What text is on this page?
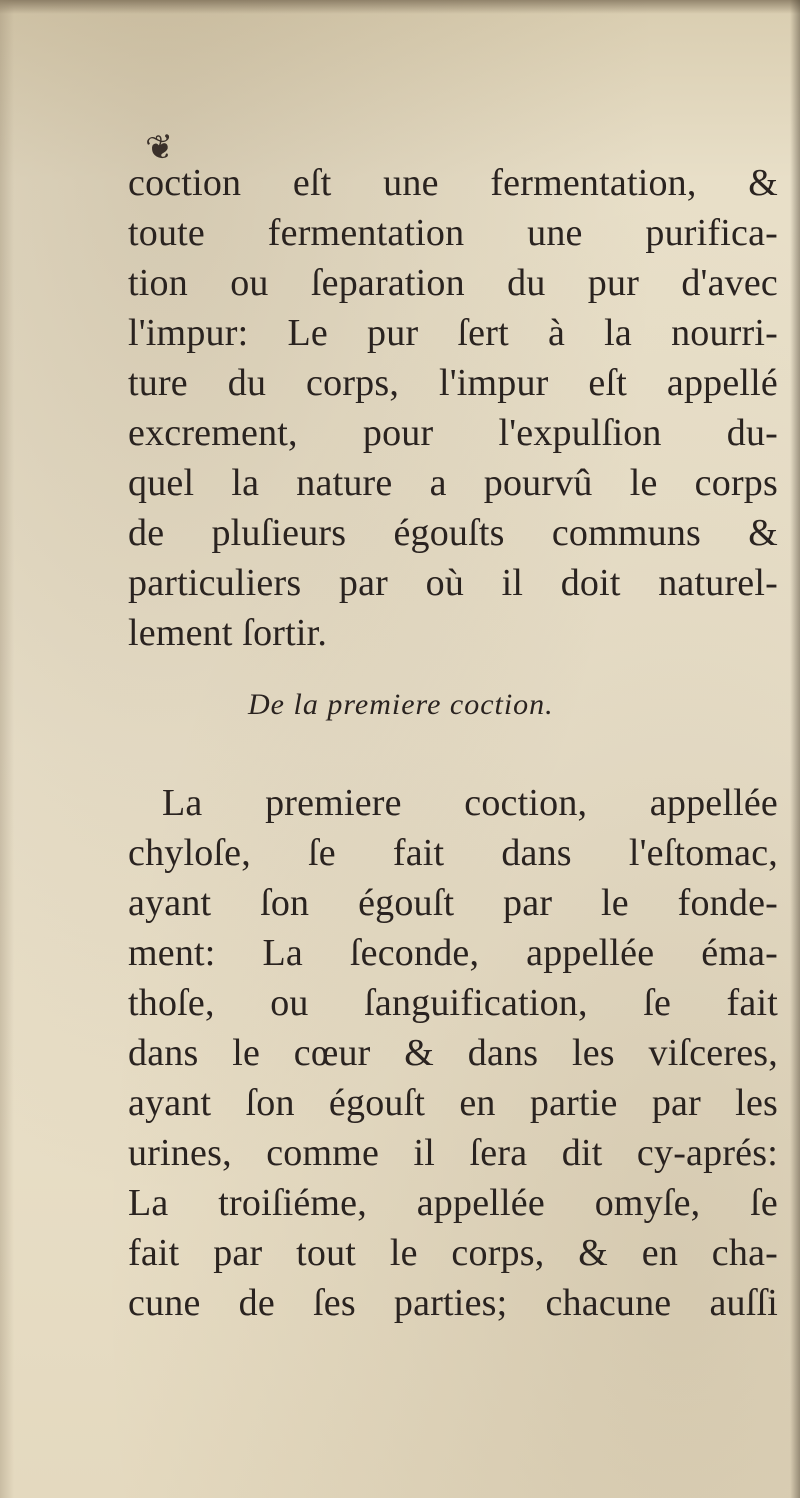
❦
coction eſt une fermentation, &
toute fermentation une purifica-
tion ou ſeparation du pur d'avec
l'impur: Le pur ſert à la nourri-
ture du corps, l'impur eſt appellé
excrement, pour l'expulſion du-
quel la nature a pourvû le corps
de pluſieurs égouſts communs &
particuliers par où il doit naturel-
lement ſortir.
De la premiere coction.
La premiere coction, appellée
chyloſe, ſe fait dans l'eſtomac,
ayant ſon égouſt par le fonde-
ment: La ſeconde, appellée éma-
thoſe, ou ſanguification, ſe fait
dans le cœur & dans les viſceres,
ayant ſon égouſt en partie par les
urines, comme il ſera dit cy-aprés:
La troiſiéme, appellée omyſe, ſe
fait par tout le corps, & en cha-
cune de ſes parties; chacune auſſi
